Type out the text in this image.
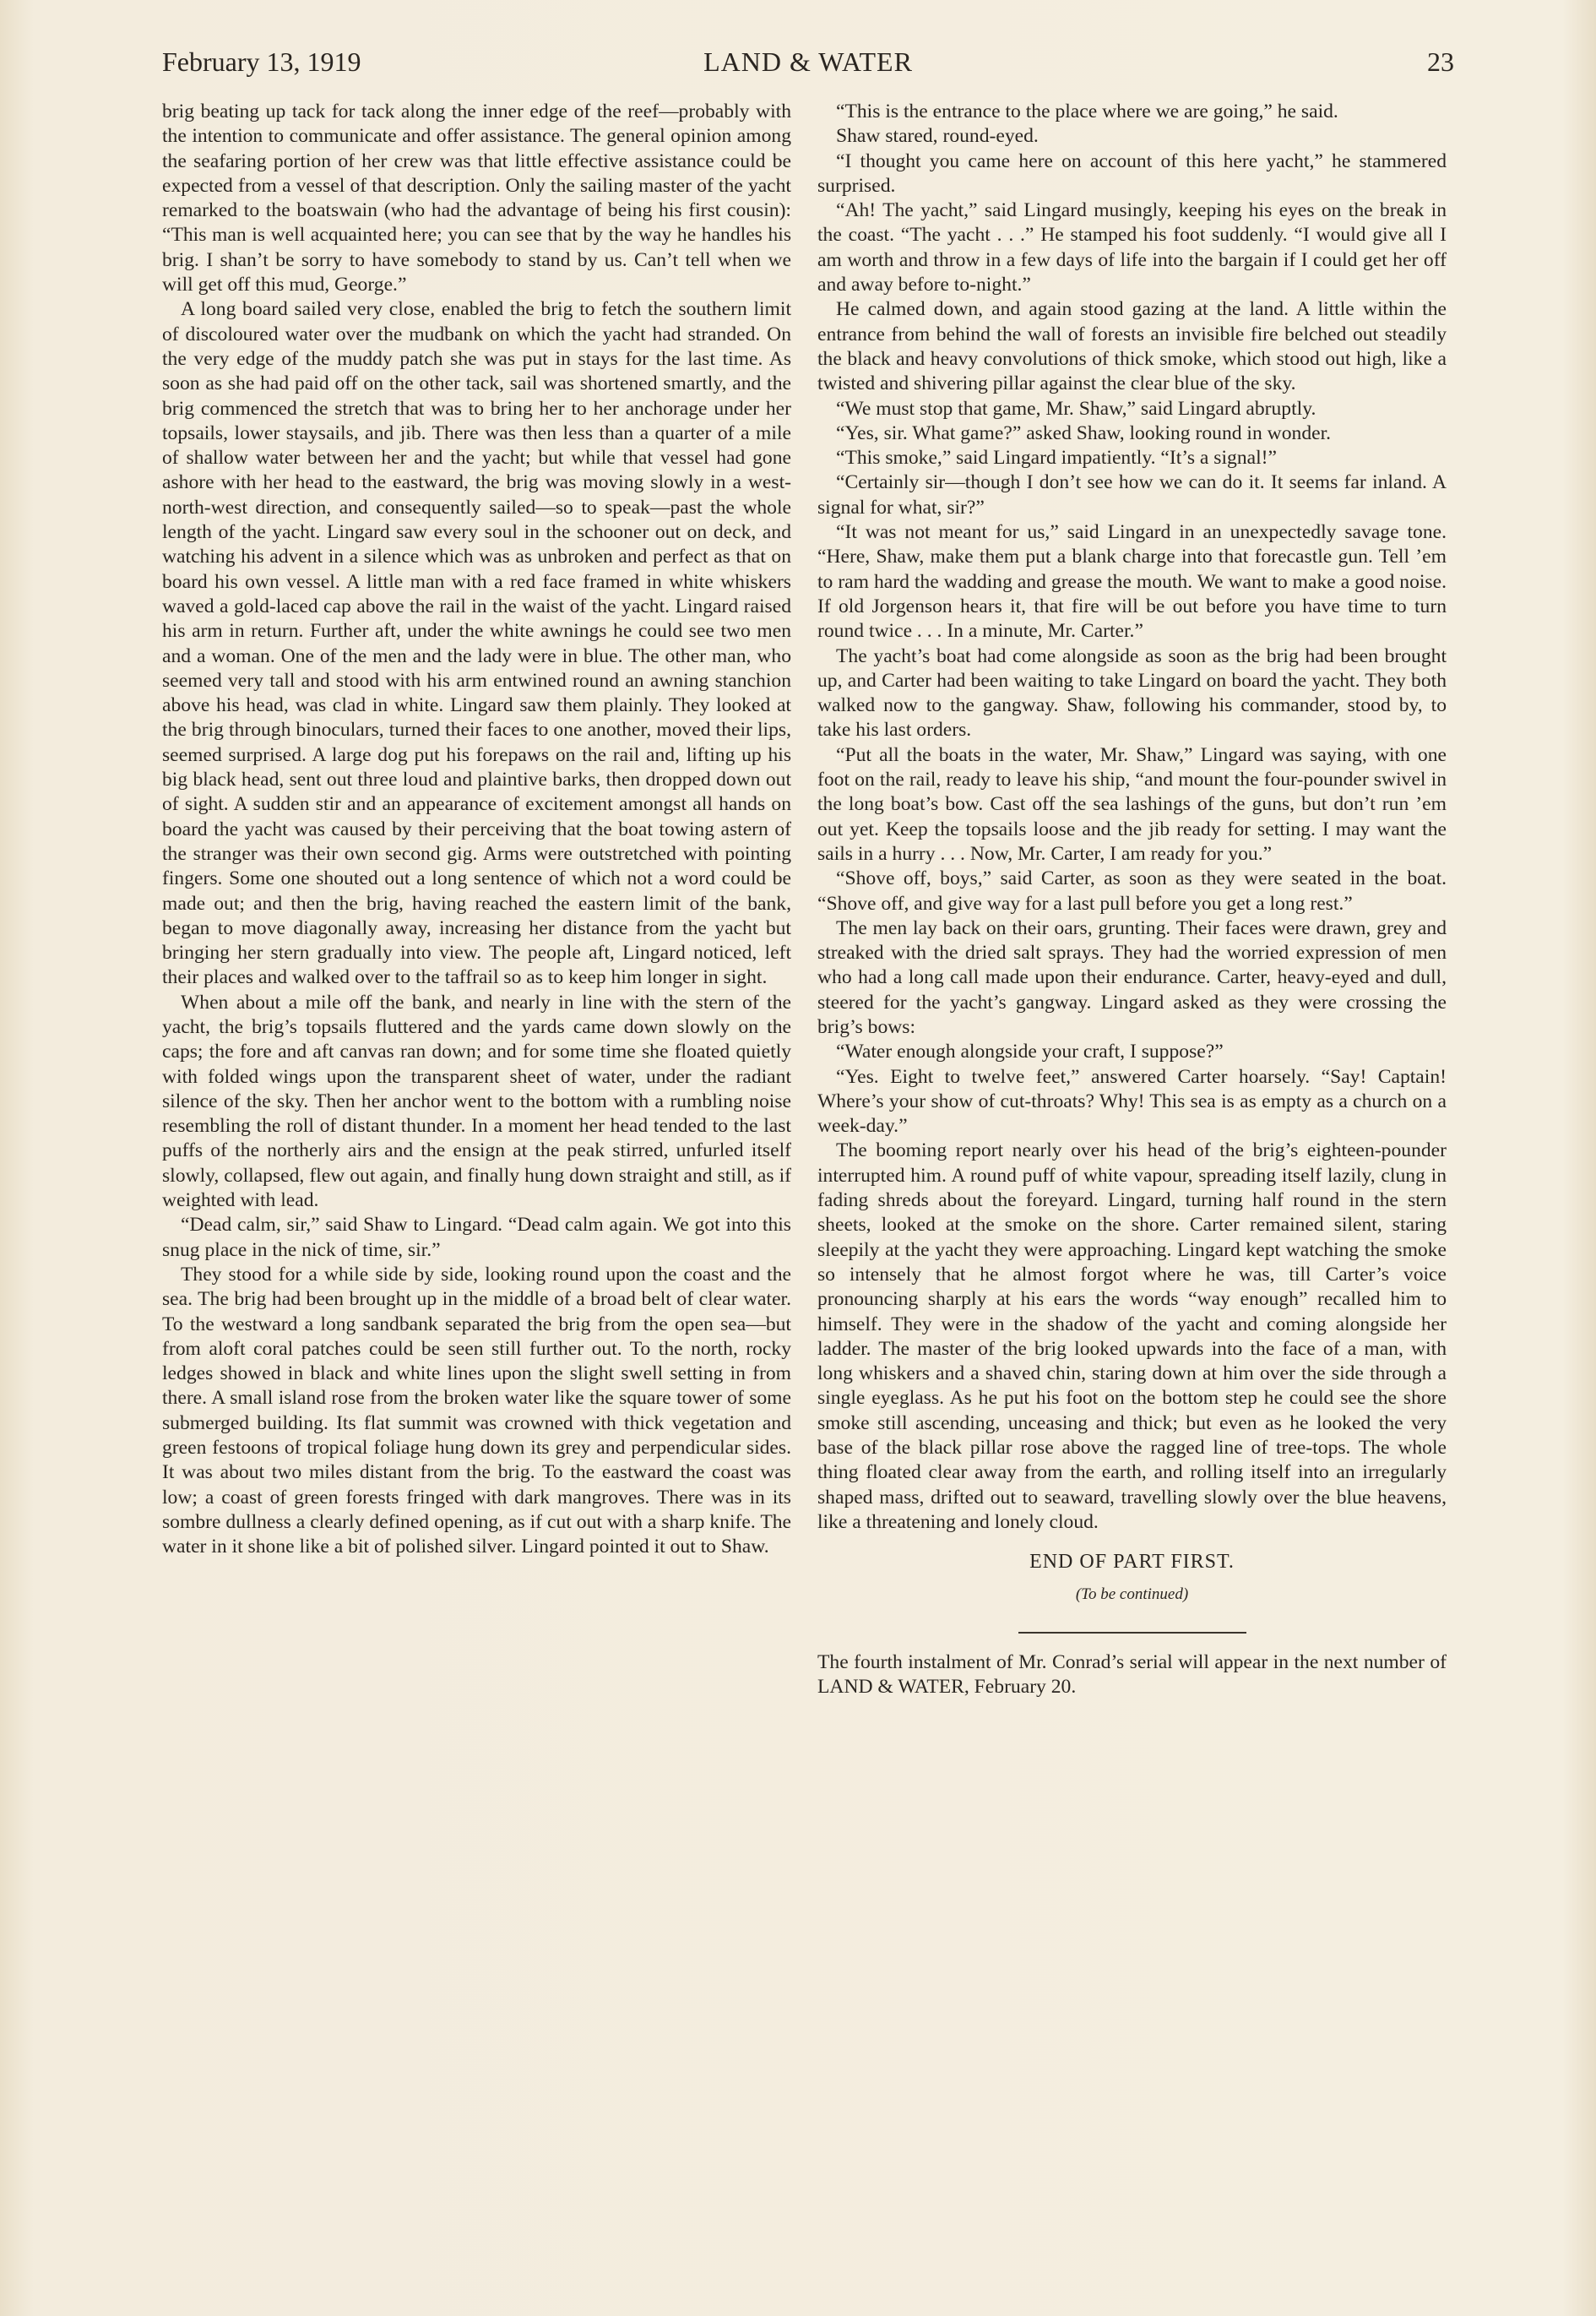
February 13, 1919	LAND & WATER	23

brig beating up tack for tack along the inner edge of the reef—probably with the intention to communicate and offer assistance. The general opinion among the seafaring portion of her crew was that little effective assistance could be expected from a vessel of that description. Only the sailing master of the yacht remarked to the boatswain (who had the advantage of being his first cousin): “This man is well acquainted here; you can see that by the way he handles his brig. I shan’t be sorry to have somebody to stand by us. Can’t tell when we will get off this mud, George.”

A long board sailed very close, enabled the brig to fetch the southern limit of discoloured water over the mudbank on which the yacht had stranded. On the very edge of the muddy patch she was put in stays for the last time. As soon as she had paid off on the other tack, sail was shortened smartly, and the brig commenced the stretch that was to bring her to her anchorage under her topsails, lower staysails, and jib. There was then less than a quarter of a mile of shallow water between her and the yacht; but while that vessel had gone ashore with her head to the eastward, the brig was moving slowly in a west-north-west direction, and consequently sailed—so to speak—past the whole length of the yacht. Lingard saw every soul in the schooner out on deck, and watching his advent in a silence which was as unbroken and perfect as that on board his own vessel. A little man with a red face framed in white whiskers waved a gold-laced cap above the rail in the waist of the yacht. Lingard raised his arm in return. Further aft, under the white awnings he could see two men and a woman. One of the men and the lady were in blue. The other man, who seemed very tall and stood with his arm entwined round an awning stanchion above his head, was clad in white. Lingard saw them plainly. They looked at the brig through binoculars, turned their faces to one another, moved their lips, seemed surprised. A large dog put his forepaws on the rail and, lifting up his big black head, sent out three loud and plaintive barks, then dropped down out of sight. A sudden stir and an appearance of excitement amongst all hands on board the yacht was caused by their perceiving that the boat towing astern of the stranger was their own second gig. Arms were outstretched with pointing fingers. Some one shouted out a long sentence of which not a word could be made out; and then the brig, having reached the eastern limit of the bank, began to move diagonally away, increasing her distance from the yacht but bringing her stern gradually into view. The people aft, Lingard noticed, left their places and walked over to the taffrail so as to keep him longer in sight.

When about a mile off the bank, and nearly in line with the stern of the yacht, the brig’s topsails fluttered and the yards came down slowly on the caps; the fore and aft canvas ran down; and for some time she floated quietly with folded wings upon the transparent sheet of water, under the radiant silence of the sky. Then her anchor went to the bottom with a rumbling noise resembling the roll of distant thunder. In a moment her head tended to the last puffs of the northerly airs and the ensign at the peak stirred, unfurled itself slowly, collapsed, flew out again, and finally hung down straight and still, as if weighted with lead.

“Dead calm, sir,” said Shaw to Lingard. “Dead calm again. We got into this snug place in the nick of time, sir.”

They stood for a while side by side, looking round upon the coast and the sea. The brig had been brought up in the middle of a broad belt of clear water. To the westward a long sandbank separated the brig from the open sea—but from aloft coral patches could be seen still further out. To the north, rocky ledges showed in black and white lines upon the slight swell setting in from there. A small island rose from the broken water like the square tower of some submerged building. Its flat summit was crowned with thick vegetation and green festoons of tropical foliage hung down its grey and perpendicular sides. It was about two miles distant from the brig. To the eastward the coast was low; a coast of green forests fringed with dark mangroves. There was in its sombre dullness a clearly defined opening, as if cut out with a sharp knife. The water in it shone like a bit of polished silver. Lingard pointed it out to Shaw.

“This is the entrance to the place where we are going,” he said.

Shaw stared, round-eyed.

“I thought you came here on account of this here yacht,” he stammered surprised.

“Ah! The yacht,” said Lingard musingly, keeping his eyes on the break in the coast. “The yacht . . .” He stamped his foot suddenly. “I would give all I am worth and throw in a few days of life into the bargain if I could get her off and away before to-night.”

He calmed down, and again stood gazing at the land. A little within the entrance from behind the wall of forests an invisible fire belched out steadily the black and heavy convolutions of thick smoke, which stood out high, like a twisted and shivering pillar against the clear blue of the sky.

“We must stop that game, Mr. Shaw,” said Lingard abruptly.

“Yes, sir. What game?” asked Shaw, looking round in wonder.

“This smoke,” said Lingard impatiently. “It’s a signal!”

“Certainly sir—though I don’t see how we can do it. It seems far inland. A signal for what, sir?”

“It was not meant for us,” said Lingard in an unexpectedly savage tone. “Here, Shaw, make them put a blank charge into that forecastle gun. Tell ’em to ram hard the wadding and grease the mouth. We want to make a good noise. If old Jorgenson hears it, that fire will be out before you have time to turn round twice . . . In a minute, Mr. Carter.”

The yacht’s boat had come alongside as soon as the brig had been brought up, and Carter had been waiting to take Lingard on board the yacht. They both walked now to the gangway. Shaw, following his commander, stood by, to take his last orders.

“Put all the boats in the water, Mr. Shaw,” Lingard was saying, with one foot on the rail, ready to leave his ship, “and mount the four-pounder swivel in the long boat’s bow. Cast off the sea lashings of the guns, but don’t run ’em out yet. Keep the topsails loose and the jib ready for setting. I may want the sails in a hurry . . . Now, Mr. Carter, I am ready for you.”

“Shove off, boys,” said Carter, as soon as they were seated in the boat. “Shove off, and give way for a last pull before you get a long rest.”

The men lay back on their oars, grunting. Their faces were drawn, grey and streaked with the dried salt sprays. They had the worried expression of men who had a long call made upon their endurance. Carter, heavy-eyed and dull, steered for the yacht’s gangway. Lingard asked as they were crossing the brig’s bows:

“Water enough alongside your craft, I suppose?”

“Yes. Eight to twelve feet,” answered Carter hoarsely. “Say! Captain! Where’s your show of cut-throats? Why! This sea is as empty as a church on a week-day.”

The booming report nearly over his head of the brig’s eighteen-pounder interrupted him. A round puff of white vapour, spreading itself lazily, clung in fading shreds about the foreyard. Lingard, turning half round in the stern sheets, looked at the smoke on the shore. Carter remained silent, staring sleepily at the yacht they were approaching. Lingard kept watching the smoke so intensely that he almost forgot where he was, till Carter’s voice pronouncing sharply at his ears the words “way enough” recalled him to himself. They were in the shadow of the yacht and coming alongside her ladder. The master of the brig looked upwards into the face of a man, with long whiskers and a shaved chin, staring down at him over the side through a single eyeglass. As he put his foot on the bottom step he could see the shore smoke still ascending, unceasing and thick; but even as he looked the very base of the black pillar rose above the ragged line of tree-tops. The whole thing floated clear away from the earth, and rolling itself into an irregularly shaped mass, drifted out to seaward, travelling slowly over the blue heavens, like a threatening and lonely cloud.

END OF PART FIRST.

(To be continued)

The fourth instalment of Mr. Conrad’s serial will appear in the next number of LAND & WATER, February 20.
